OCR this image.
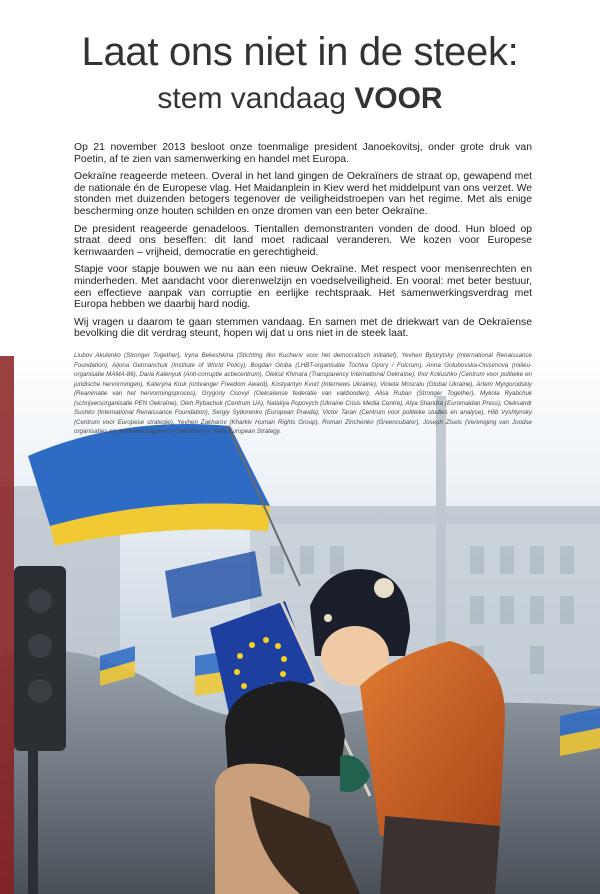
Laat ons niet in de steek:
stem vandaag VOOR

Op 21 november 2013 besloot onze toenmalige president Janoekovitsj, onder grote druk van Poetin, af te zien van samenwerking en handel met Europa.

Oekraïne reageerde meteen. Overal in het land gingen de Oekraïners de straat op, gewapend met de nationale én de Europese vlag. Het Maidanplein in Kiev werd het middelpunt van ons verzet. We stonden met duizenden betogers tegenover de veiligheidstroepen van het regime. Met als enige bescherming onze houten schilden en onze dromen van een beter Oekraïne.

De president reageerde genadeloos. Tientallen demonstranten vonden de dood. Hun bloed op straat deed ons beseffen: dit land moet radicaal veranderen. We kozen voor Europese kernwaarden – vrijheid, democratie en gerechtigheid.

Stapje voor stapje bouwen we nu aan een nieuw Oekraïne. Met respect voor mensenrechten en minderheden. Met aandacht voor dierenwelzijn en voedselveiligheid. En vooral: met beter bestuur, een effectieve aanpak van corruptie en eerlijke rechtspraak. Het samenwerkingsverdrag met Europa hebben we daarbij hard nodig.

Wij vragen u daarom te gaan stemmen vandaag. En samen met de driekwart van de Oekraïense bevolking die dit verdrag steunt, hopen wij dat u ons niet in de steek laat.

Liubov Akulenko (Stronger Together), Iryna Bekeshkina (Stichting Ilko Kucheriv voor het democratisch initiatief), Yevhen Bystrytsky (International Renaissance Foundation), Aljona Getmanchuk (Institute of World Policy), Bogdan Globa (LHBT-organisatie Tochka Opory / Fulcrum), Anna Golubovska-Onisimova (milieu-organisatie MAMA-86), Daria Kalenyuk (Anti-corruptie actiecentrum), Oleksii Khmara (Transparency International Oekraïne), Ihor Koliushko (Centrum voor politieke en juridische hervormingen), Kateryna Kruk (ontvanger Freedom Award), Kostyantyn Kvurt (Internews Ukraine), Violeta Moscalu (Global Ukraine), Artem Myrgorodskiy (Reanimatie van het hervormingsproces), Grygoriy Osovyi (Oekraïense federatie van vakbonden), Alisa Ruban (Stronger Together), Mykola Ryabchuk (schrijversorganisatie PEN Oekraïne), Oleh Rybachuk (Centrum UA), Nataliya Popovych (Ukraine Crisis Media Centre), Alya Shandra (Euromaidan Press), Oleksandr Sushko (International Renaissance Foundation), Sergiy Sydorenko (European Pravda), Victor Taran (Centrum voor politieke studies en analyse), Hlib Vyshlynsky (Centrum voor Europese strategie), Yevhen Zakharov (Kharkiv Human Rights Group), Roman Zinchenko (Greencubator), Joseph Zisels (Vereniging van Joodse organisaties en gemeenschappen in Oekraïne) en Yalta European Strategy.
